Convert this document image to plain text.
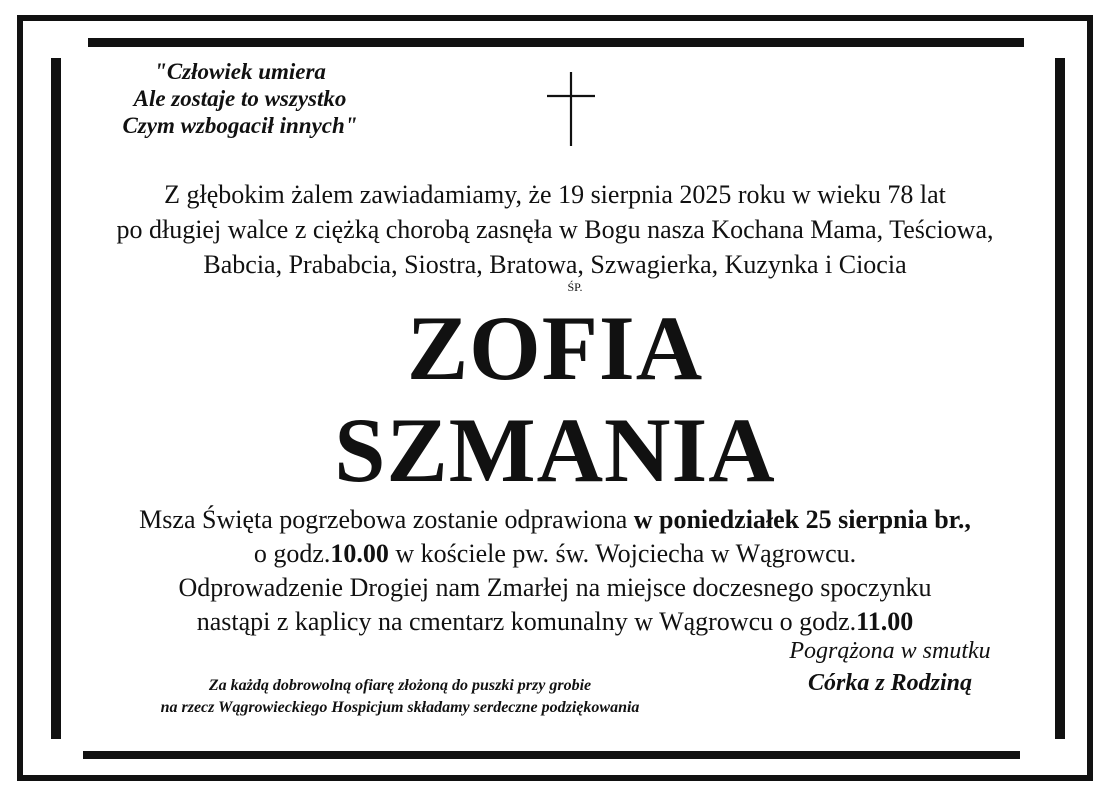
"Człowiek umiera
Ale zostaje to wszystko
Czym wzbogacił innych"
Z głębokim żalem zawiadamiamy, że 19 sierpnia 2025 roku w wieku 78 lat
po długiej walce z ciężką chorobą zasnęła w Bogu nasza Kochana Mama, Teściowa,
Babcia, Prababcia, Siostra, Bratowa, Szwagierka, Kuzynka i Ciocia
ŚP.
ZOFIA
SZMANIA
Msza Święta pogrzebowa zostanie odprawiona w poniedziałek 25 sierpnia br.,
o godz.10.00 w kościele pw. św. Wojciecha w Wągrowcu.
Odprowadzenie Drogiej nam Zmarłej na miejsce doczesnego spoczynku
nastąpi z kaplicy na cmentarz komunalny w Wągrowcu o godz.11.00
Pogrążona w smutku
Córka z Rodziną
Za każdą dobrowolną ofiarę złożoną do puszki przy grobie
na rzecz Wągrowieckiego Hospicjum składamy serdeczne podziękowania
